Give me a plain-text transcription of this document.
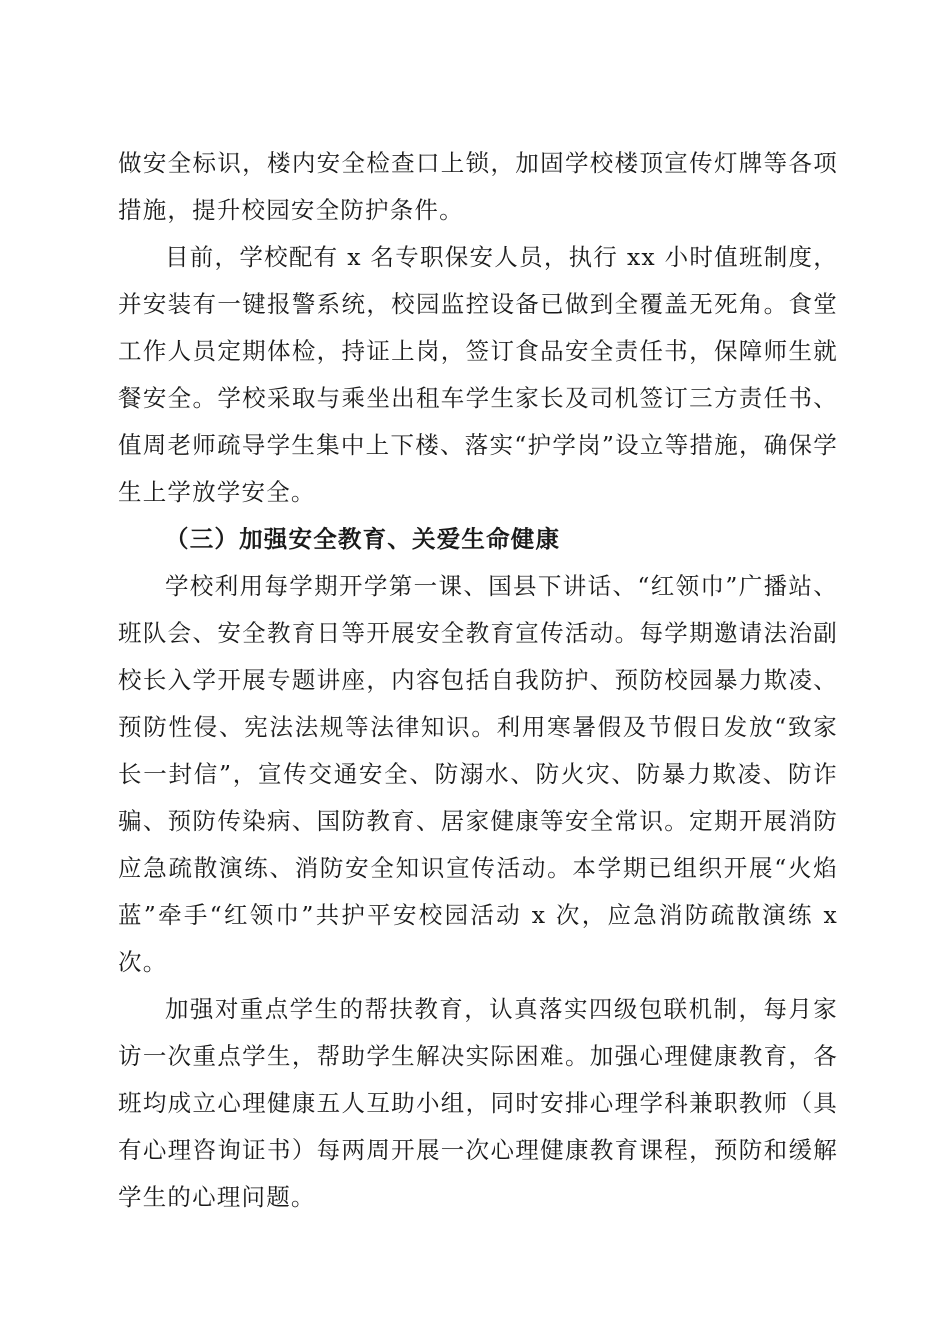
做安全标识，楼内安全检查口上锁，加固学校楼顶宣传灯牌等各项措施，提升校园安全防护条件。

目前，学校配有 x 名专职保安人员，执行 xx 小时值班制度，并安装有一键报警系统，校园监控设备已做到全覆盖无死角。食堂工作人员定期体检，持证上岗，签订食品安全责任书，保障师生就餐安全。学校采取与乘坐出租车学生家长及司机签订三方责任书、值周老师疏导学生集中上下楼、落实“护学岗”设立等措施，确保学生上学放学安全。

（三）加强安全教育、关爱生命健康

学校利用每学期开学第一课、国县下讲话、“红领巾”广播站、班队会、安全教育日等开展安全教育宣传活动。每学期邀请法治副校长入学开展专题讲座，内容包括自我防护、预防校园暴力欺凌、预防性侵、宪法法规等法律知识。利用寒暑假及节假日发放“致家长一封信”，宣传交通安全、防溺水、防火灾、防暴力欺凌、防诈骗、预防传染病、国防教育、居家健康等安全常识。定期开展消防应急疏散演练、消防安全知识宣传活动。本学期已组织开展“火焰蓝”牵手“红领巾”共护平安校园活动 x 次，应急消防疏散演练 x 次。

加强对重点学生的帮扶教育，认真落实四级包联机制，每月家访一次重点学生，帮助学生解决实际困难。加强心理健康教育，各班均成立心理健康五人互助小组，同时安排心理学科兼职教师（具有心理咨询证书）每两周开展一次心理健康教育课程，预防和缓解学生的心理问题。
